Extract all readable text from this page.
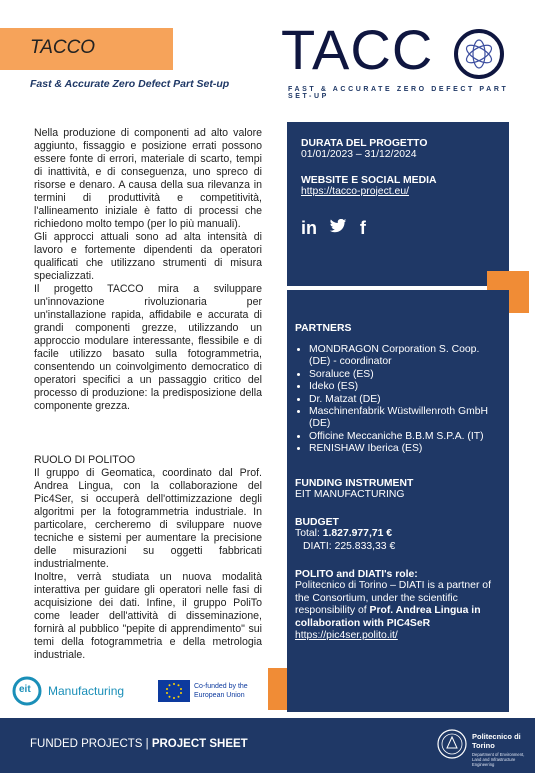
TACCO
Fast & Accurate Zero Defect Part Set-up
TACC
FAST & ACCURATE ZERO DEFECT PART SET-UP

Nella produzione di componenti ad alto valore aggiunto, fissaggio e posizione errati possono essere fonte di errori, materiale di scarto, tempi di inattività, e di conseguenza, uno spreco di risorse e denaro. A causa della sua rilevanza in termini di produttività e competitività, l'allineamento iniziale è fatto di processi che richiedono molto tempo (per lo più manuali).

Gli approcci attuali sono ad alta intensità di lavoro e fortemente dipendenti da operatori qualificati che utilizzano strumenti di misura specializzati.

Il progetto TACCO mira a sviluppare un'innovazione rivoluzionaria per un'installazione rapida, affidabile e accurata di grandi componenti grezze, utilizzando un approccio modulare interessante, flessibile e di facile utilizzo basato sulla fotogrammetria, consentendo un coinvolgimento democratico di operatori specifici a un passaggio critico del processo di produzione: la predisposizione della componente grezza.

RUOLO DI POLITOO

Il gruppo di Geomatica, coordinato dal Prof. Andrea Lingua, con la collaborazione del Pic4Ser, si occuperà dell'ottimizzazione degli algoritmi per la fotogrammetria industriale. In particolare, cercheremo di sviluppare nuove tecniche e sistemi per aumentare la precisione delle misurazioni su oggetti fabbricati industrialmente.

Inoltre, verrà studiata un nuova modalità interattiva per guidare gli operatori nelle fasi di acquisizione dei dati. Infine, il gruppo PoliTo come leader dell'attività di disseminazione, fornirà al pubblico "pepite di apprendimento" sui temi della fotogrammetria e della metrologia industriale.

DURATA DEL PROGETTO

01/01/2023 – 31/12/2024

WEBSITE E SOCIAL MEDIA

https://tacco-project.eu/

in f

PARTNERS

• MONDRAGON Corporation S. Coop. (DE) - coordinator
• Soraluce (ES)
• Ideko (ES)
• Dr. Matzat (DE)
• Maschinenfabrik Wüstwillenroth GmbH (DE)
• Officine Meccaniche B.B.M S.P.A. (IT)
• RENISHAW Iberica (ES)

FUNDING INSTRUMENT

EIT MANUFACTURING

BUDGET

Total: 1.827.977,71 €

DIATI: 225.833,33 €

POLITO and DIATI's role:

Politecnico di Torino – DIATI is a partner of the Consortium, under the scientific responsibility of Prof. Andrea Lingua in collaboration with PIC4SeR

https://pic4ser.polito.it/

eit Manufacturing	Co-funded by the European Union
FUNDED PROJECTS | PROJECT SHEET
Politecnico di Torino
Department of Environment, Land and Infrastructure Engineering
